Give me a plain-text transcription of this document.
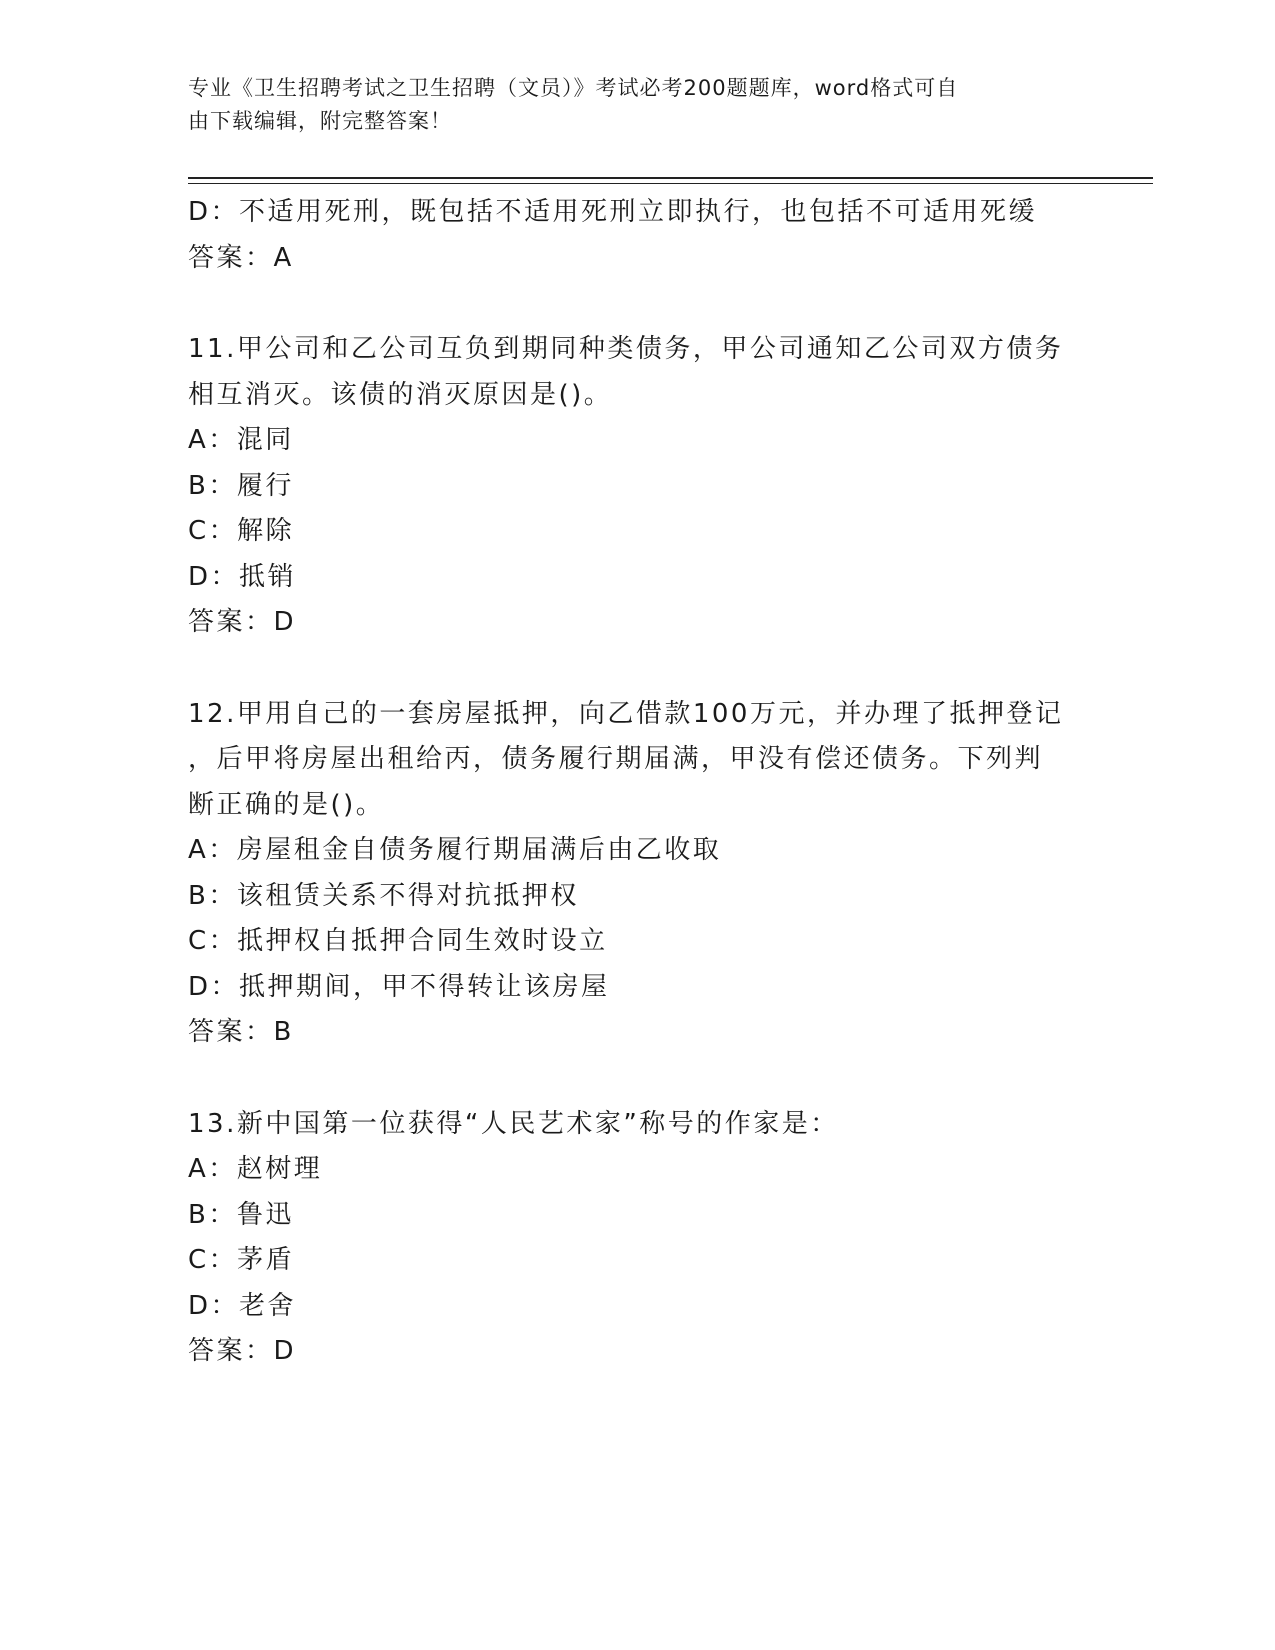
专业《卫生招聘考试之卫生招聘（文员）》考试必考200题题库，word格式可自
由下载编辑，附完整答案！
D：不适用死刑，既包括不适用死刑立即执行，也包括不可适用死缓
答案：A
11.甲公司和乙公司互负到期同种类债务，甲公司通知乙公司双方债务
相互消灭。该债的消灭原因是()。
A：混同
B：履行
C：解除
D：抵销
答案：D
12.甲用自己的一套房屋抵押，向乙借款100万元，并办理了抵押登记
，后甲将房屋出租给丙，债务履行期届满，甲没有偿还债务。下列判
断正确的是()。
A：房屋租金自债务履行期届满后由乙收取
B：该租赁关系不得对抗抵押权
C：抵押权自抵押合同生效时设立
D：抵押期间，甲不得转让该房屋
答案：B
13.新中国第一位获得“人民艺术家”称号的作家是：
A：赵树理
B：鲁迅
C：茅盾
D：老舍
答案：D
